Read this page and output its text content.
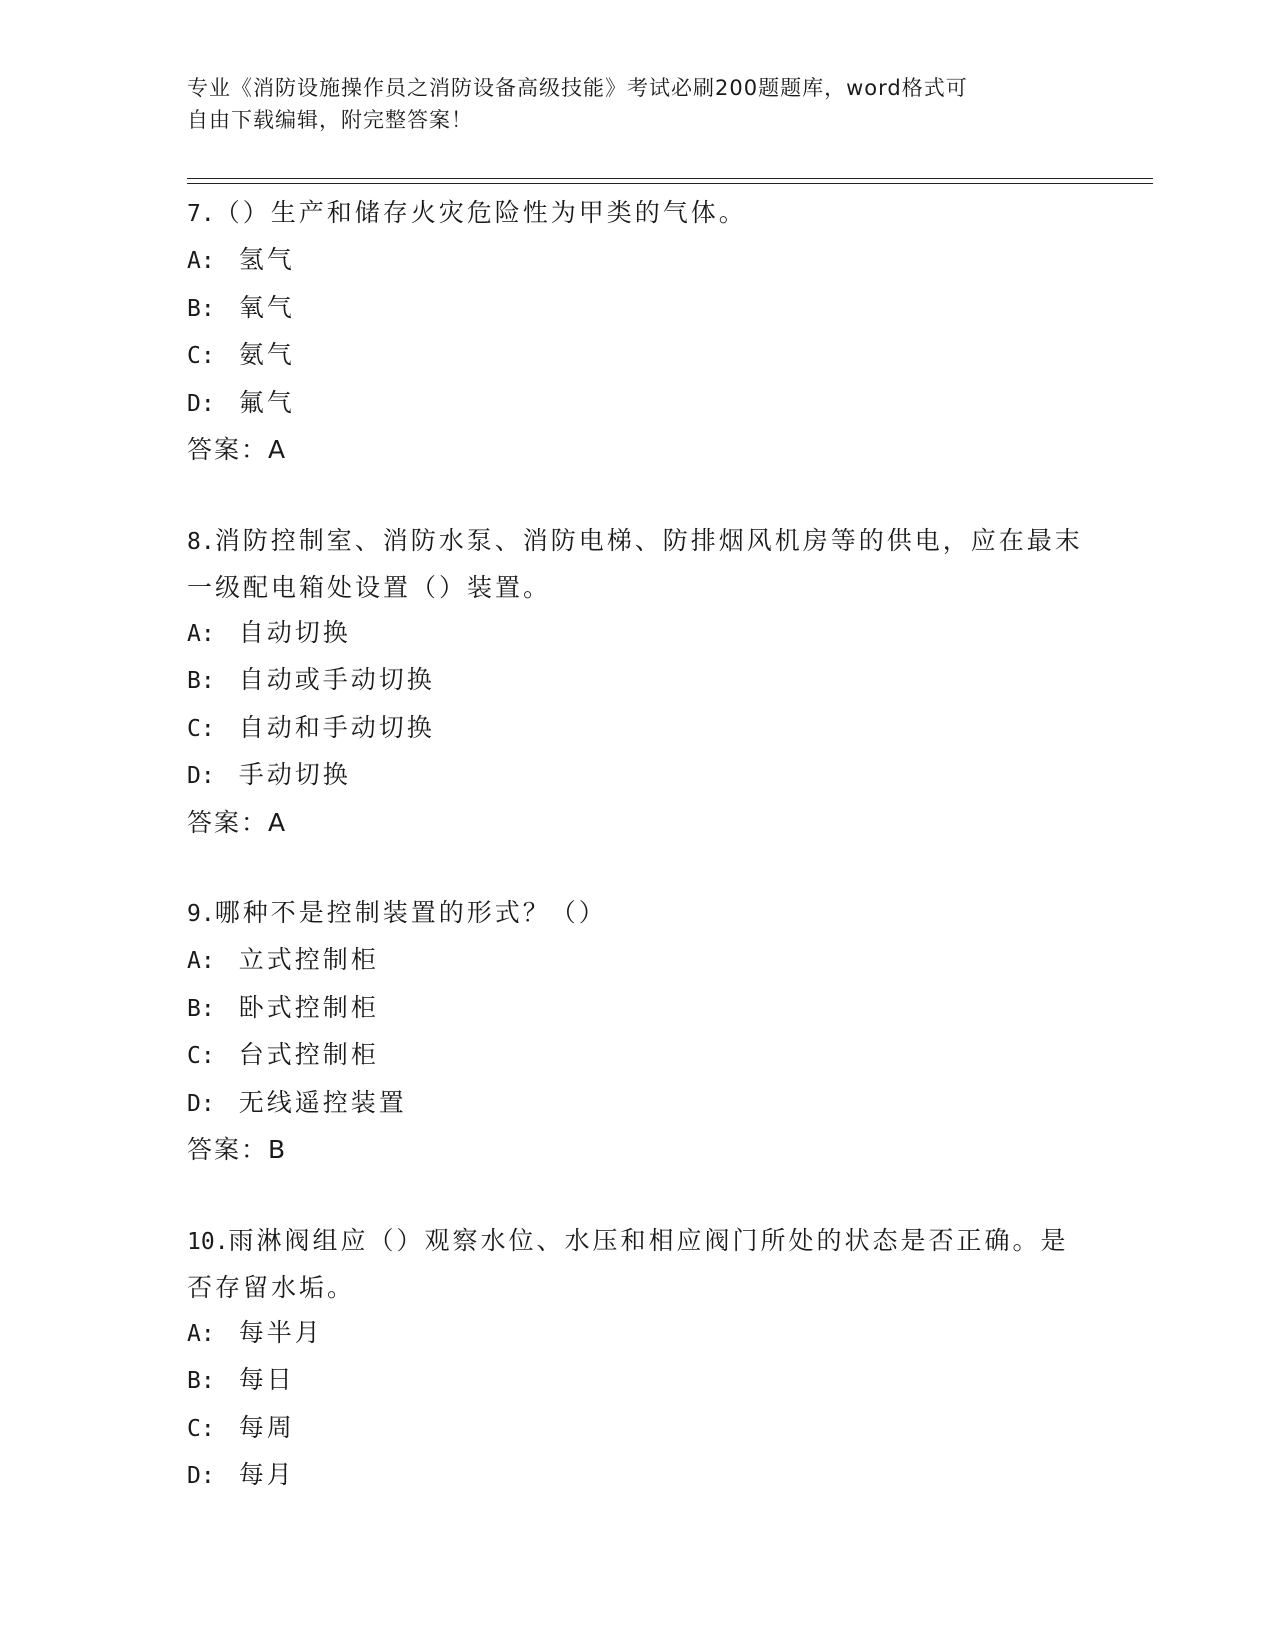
专业《消防设施操作员之消防设备高级技能》考试必刷200题题库，word格式可
自由下载编辑，附完整答案！
7.（）生产和储存火灾危险性为甲类的气体。
A: 氢气
B: 氧气
C: 氨气
D: 氟气
答案：A
8.消防控制室、消防水泵、消防电梯、防排烟风机房等的供电，应在最末一级配电箱处设置（）装置。
A: 自动切换
B: 自动或手动切换
C: 自动和手动切换
D: 手动切换
答案：A
9.哪种不是控制装置的形式？（）
A: 立式控制柜
B: 卧式控制柜
C: 台式控制柜
D: 无线遥控装置
答案：B
10.雨淋阀组应（）观察水位、水压和相应阀门所处的状态是否正确。是否存留水垢。
A: 每半月
B: 每日
C: 每周
D: 每月
